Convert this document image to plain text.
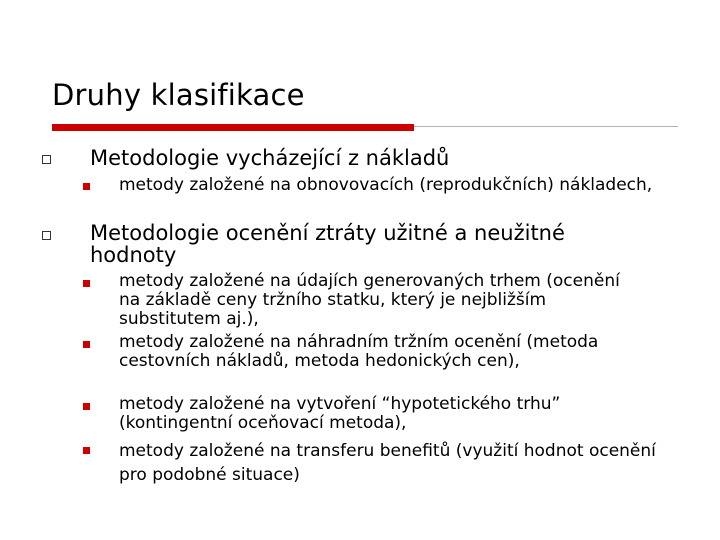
Druhy klasifikace
Metodologie vycházející z nákladů
metody založené na obnovovacích (reprodukčních) nákladech,
Metodologie ocenění ztráty užitné a neužitné hodnoty
metody založené na údajích generovaných trhem (ocenění na základě ceny tržního statku, který je nejbližším substitutem aj.),
metody založené na náhradním tržním ocenění (metoda cestovních nákladů, metoda hedonických cen),
metody založené na vytvoření “hypotetického trhu” (kontingentní oceňovací metoda),
metody založené na transferu benefitů (využití hodnot ocenění pro podobné situace)
